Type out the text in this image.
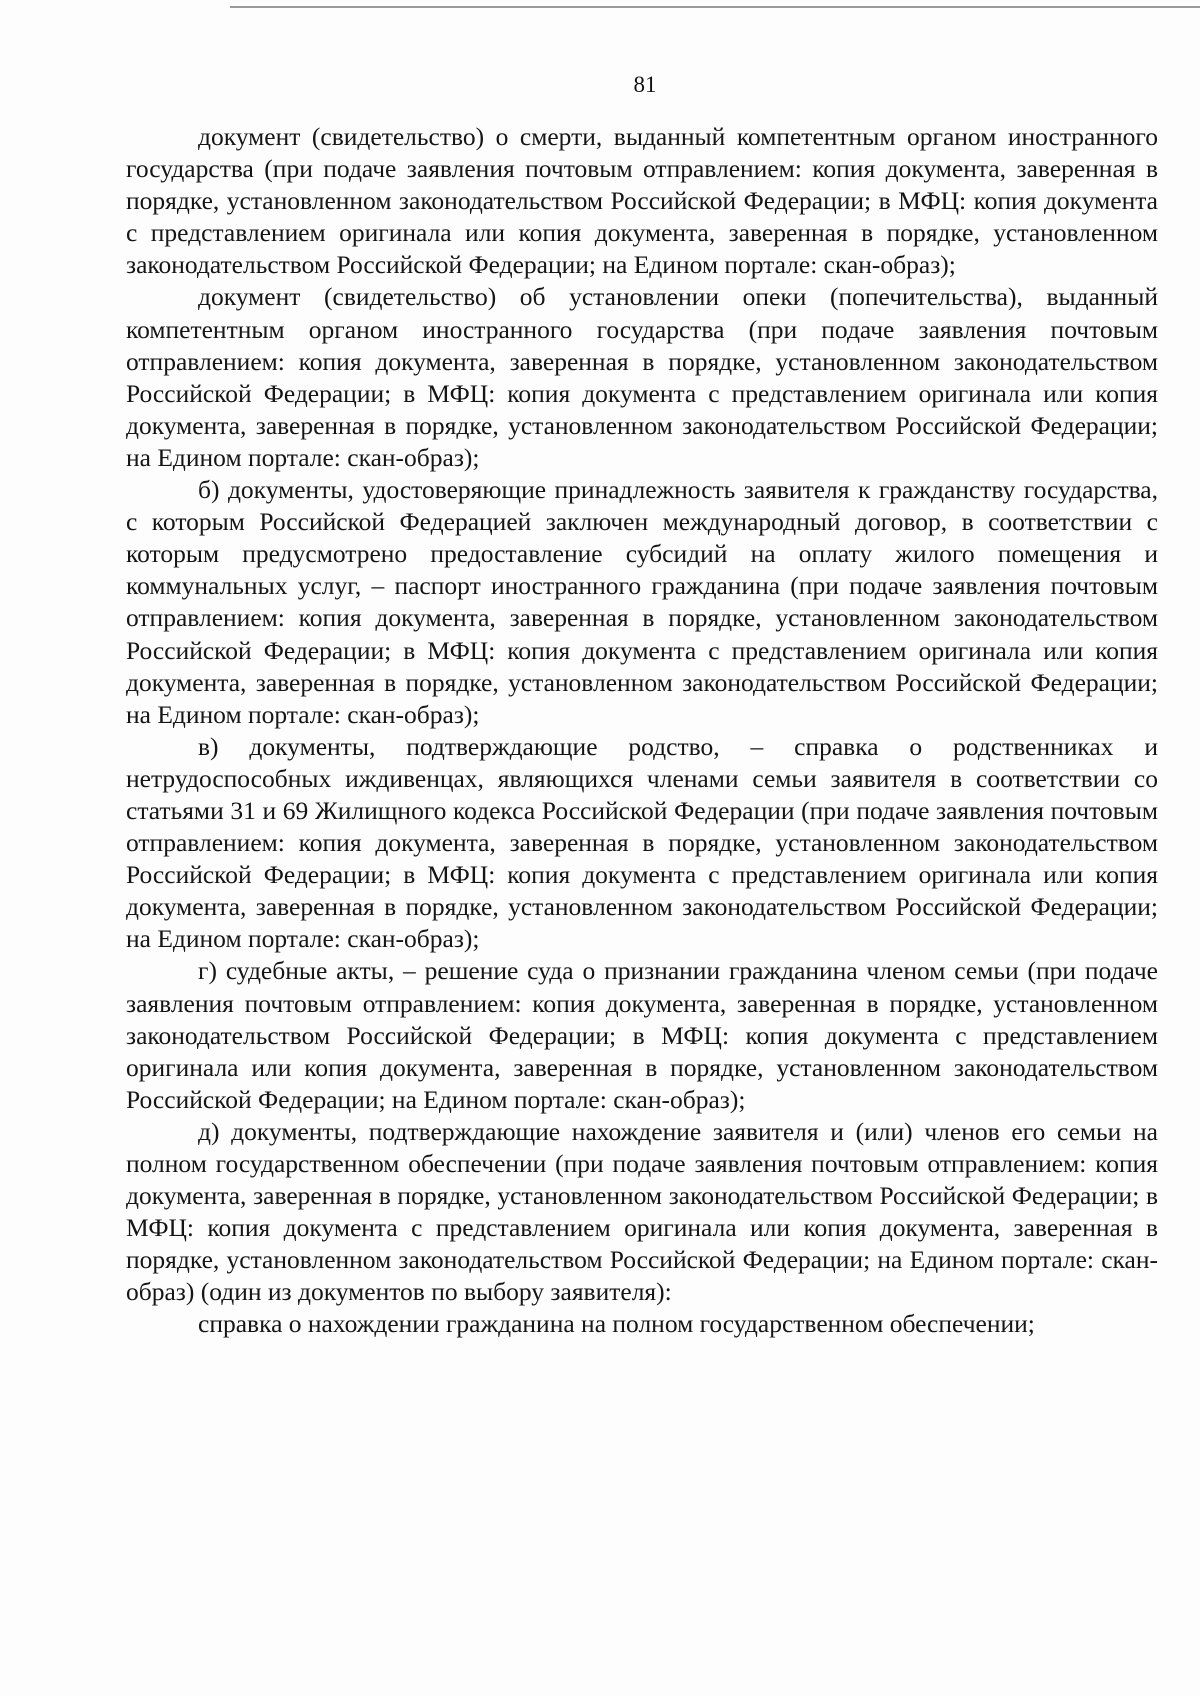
81

документ (свидетельство) о смерти, выданный компетентным органом иностранного государства (при подаче заявления почтовым отправлением: копия документа, заверенная в порядке, установленном законодательством Российской Федерации; в МФЦ: копия документа с представлением оригинала или копия документа, заверенная в порядке, установленном законодательством Российской Федерации; на Едином портале: скан-образ);

документ (свидетельство) об установлении опеки (попечительства), выданный компетентным органом иностранного государства (при подаче заявления почтовым отправлением: копия документа, заверенная в порядке, установленном законодательством Российской Федерации; в МФЦ: копия документа с представлением оригинала или копия документа, заверенная в порядке, установленном законодательством Российской Федерации; на Едином портале: скан-образ);

б) документы, удостоверяющие принадлежность заявителя к гражданству государства, с которым Российской Федерацией заключен международный договор, в соответствии с которым предусмотрено предоставление субсидий на оплату жилого помещения и коммунальных услуг, – паспорт иностранного гражданина (при подаче заявления почтовым отправлением: копия документа, заверенная в порядке, установленном законодательством Российской Федерации; в МФЦ: копия документа с представлением оригинала или копия документа, заверенная в порядке, установленном законодательством Российской Федерации; на Едином портале: скан-образ);

в) документы, подтверждающие родство, – справка о родственниках и нетрудоспособных иждивенцах, являющихся членами семьи заявителя в соответствии со статьями 31 и 69 Жилищного кодекса Российской Федерации (при подаче заявления почтовым отправлением: копия документа, заверенная в порядке, установленном законодательством Российской Федерации; в МФЦ: копия документа с представлением оригинала или копия документа, заверенная в порядке, установленном законодательством Российской Федерации; на Едином портале: скан-образ);

г) судебные акты, – решение суда о признании гражданина членом семьи (при подаче заявления почтовым отправлением: копия документа, заверенная в порядке, установленном законодательством Российской Федерации; в МФЦ: копия документа с представлением оригинала или копия документа, заверенная в порядке, установленном законодательством Российской Федерации; на Едином портале: скан-образ);

д) документы, подтверждающие нахождение заявителя и (или) членов его семьи на полном государственном обеспечении (при подаче заявления почтовым отправлением: копия документа, заверенная в порядке, установленном законодательством Российской Федерации; в МФЦ: копия документа с представлением оригинала или копия документа, заверенная в порядке, установленном законодательством Российской Федерации; на Едином портале: скан-образ) (один из документов по выбору заявителя):

справка о нахождении гражданина на полном государственном обеспечении;
